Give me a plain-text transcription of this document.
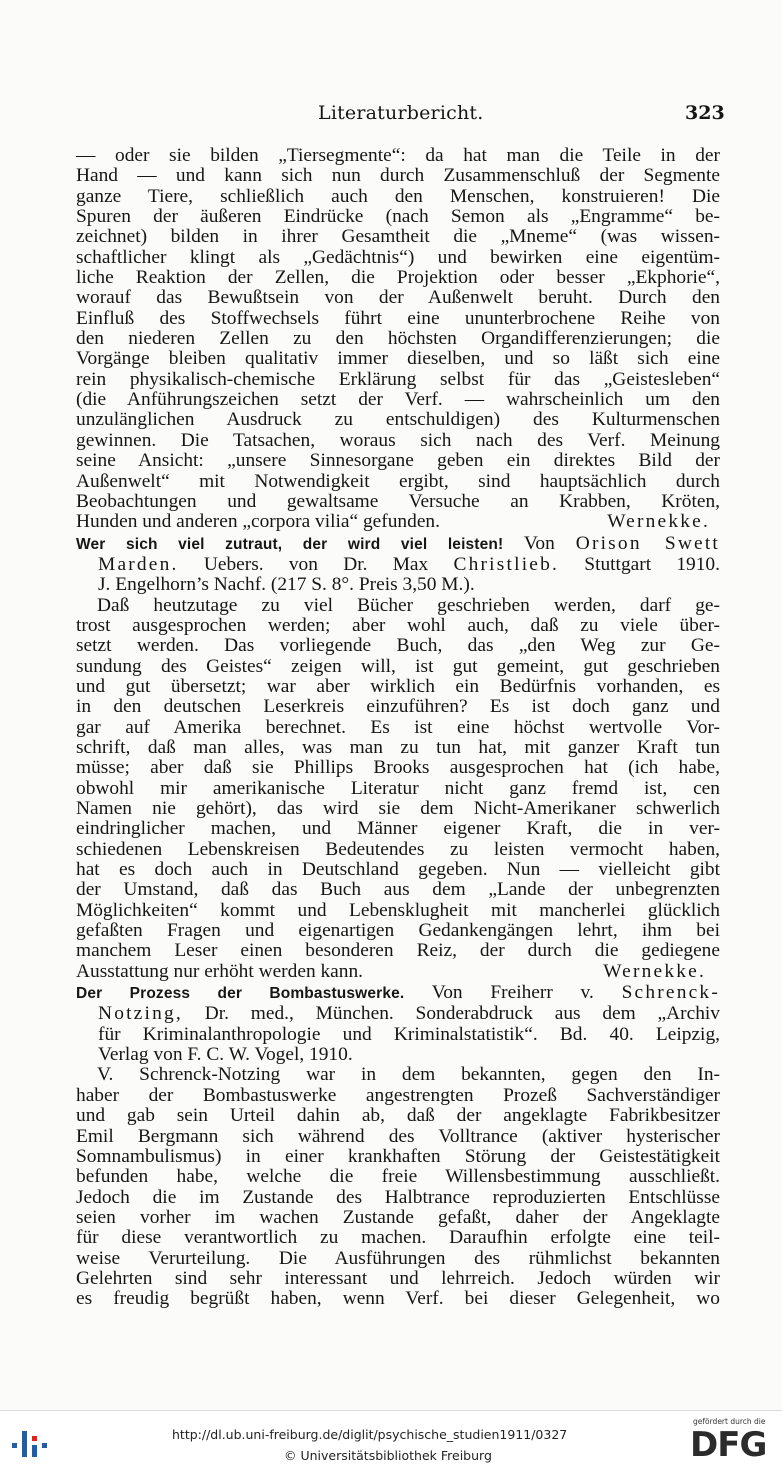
Literaturbericht.	323
— oder sie bilden „Tiersegmente“: da hat man die Teile in der
Hand — und kann sich nun durch Zusammenschluß der Segmente
ganze Tiere, schließlich auch den Menschen, konstruieren! Die
Spuren der äußeren Eindrücke (nach Semon als „Engramme“ be-
zeichnet) bilden in ihrer Gesamtheit die „Mneme“ (was wissen-
schaftlicher klingt als „Gedächtnis“) und bewirken eine eigentüm-
liche Reaktion der Zellen, die Projektion oder besser „Ekphorie“,
worauf das Bewußtsein von der Außenwelt beruht. Durch den
Einfluß des Stoffwechsels führt eine ununterbrochene Reihe von
den niederen Zellen zu den höchsten Organdifferenzierungen; die
Vorgänge bleiben qualitativ immer dieselben, und so läßt sich eine
rein physikalisch-chemische Erklärung selbst für das „Geistesleben“
(die Anführungszeichen setzt der Verf. — wahrscheinlich um den
unzulänglichen Ausdruck zu entschuldigen) des Kulturmenschen
gewinnen. Die Tatsachen, woraus sich nach des Verf. Meinung
seine Ansicht: „unsere Sinnesorgane geben ein direktes Bild der
Außenwelt“ mit Notwendigkeit ergibt, sind hauptsächlich durch
Beobachtungen und gewaltsame Versuche an Krabben, Kröten,
Hunden und anderen „corpora vilia“ gefunden.	Wernekke.
Wer sich viel zutraut, der wird viel leisten! Von Orison Swett
Marden. Uebers. von Dr. Max Christlieb. Stuttgart 1910.
J. Engelhorn’s Nachf. (217 S. 8°. Preis 3,50 M.).
Daß heutzutage zu viel Bücher geschrieben werden, darf ge-
trost ausgesprochen werden; aber wohl auch, daß zu viele über-
setzt werden. Das vorliegende Buch, das „den Weg zur Ge-
sundung des Geistes“ zeigen will, ist gut gemeint, gut geschrieben
und gut übersetzt; war aber wirklich ein Bedürfnis vorhanden, es
in den deutschen Leserkreis einzuführen? Es ist doch ganz und
gar auf Amerika berechnet. Es ist eine höchst wertvolle Vor-
schrift, daß man alles, was man zu tun hat, mit ganzer Kraft tun
müsse; aber daß sie Phillips Brooks ausgesprochen hat (ich habe,
obwohl mir amerikanische Literatur nicht ganz fremd ist, cen
Namen nie gehört), das wird sie dem Nicht-Amerikaner schwerlich
eindringlicher machen, und Männer eigener Kraft, die in ver-
schiedenen Lebenskreisen Bedeutendes zu leisten vermocht haben,
hat es doch auch in Deutschland gegeben. Nun — vielleicht gibt
der Umstand, daß das Buch aus dem „Lande der unbegrenzten
Möglichkeiten“ kommt und Lebensklugheit mit mancherlei glücklich
gefaßten Fragen und eigenartigen Gedankengängen lehrt, ihm bei
manchem Leser einen besonderen Reiz, der durch die gediegene
Ausstattung nur erhöht werden kann.	Wernekke.
Der Prozess der Bombastuswerke. Von Freiherr v. Schrenck-
Notzing, Dr. med., München. Sonderabdruck aus dem „Archiv
für Kriminalanthropologie und Kriminalstatistik“. Bd. 40. Leipzig,
Verlag von F. C. W. Vogel, 1910.
V. Schrenck-Notzing war in dem bekannten, gegen den In-
haber der Bombastuswerke angestrengten Prozeß Sachverständiger
und gab sein Urteil dahin ab, daß der angeklagte Fabrikbesitzer
Emil Bergmann sich während des Volltrance (aktiver hysterischer
Somnambulismus) in einer krankhaften Störung der Geistestätigkeit
befunden habe, welche die freie Willensbestimmung ausschließt.
Jedoch die im Zustande des Halbtrance reproduzierten Entschlüsse
seien vorher im wachen Zustande gefaßt, daher der Angeklagte
für diese verantwortlich zu machen. Daraufhin erfolgte eine teil-
weise Verurteilung. Die Ausführungen des rühmlichst bekannten
Gelehrten sind sehr interessant und lehrreich. Jedoch würden wir
es freudig begrüßt haben, wenn Verf. bei dieser Gelegenheit, wo
http://dl.ub.uni-freiburg.de/diglit/psychische_studien1911/0327
© Universitätsbibliothek Freiburg
gefördert durch die
DFG
